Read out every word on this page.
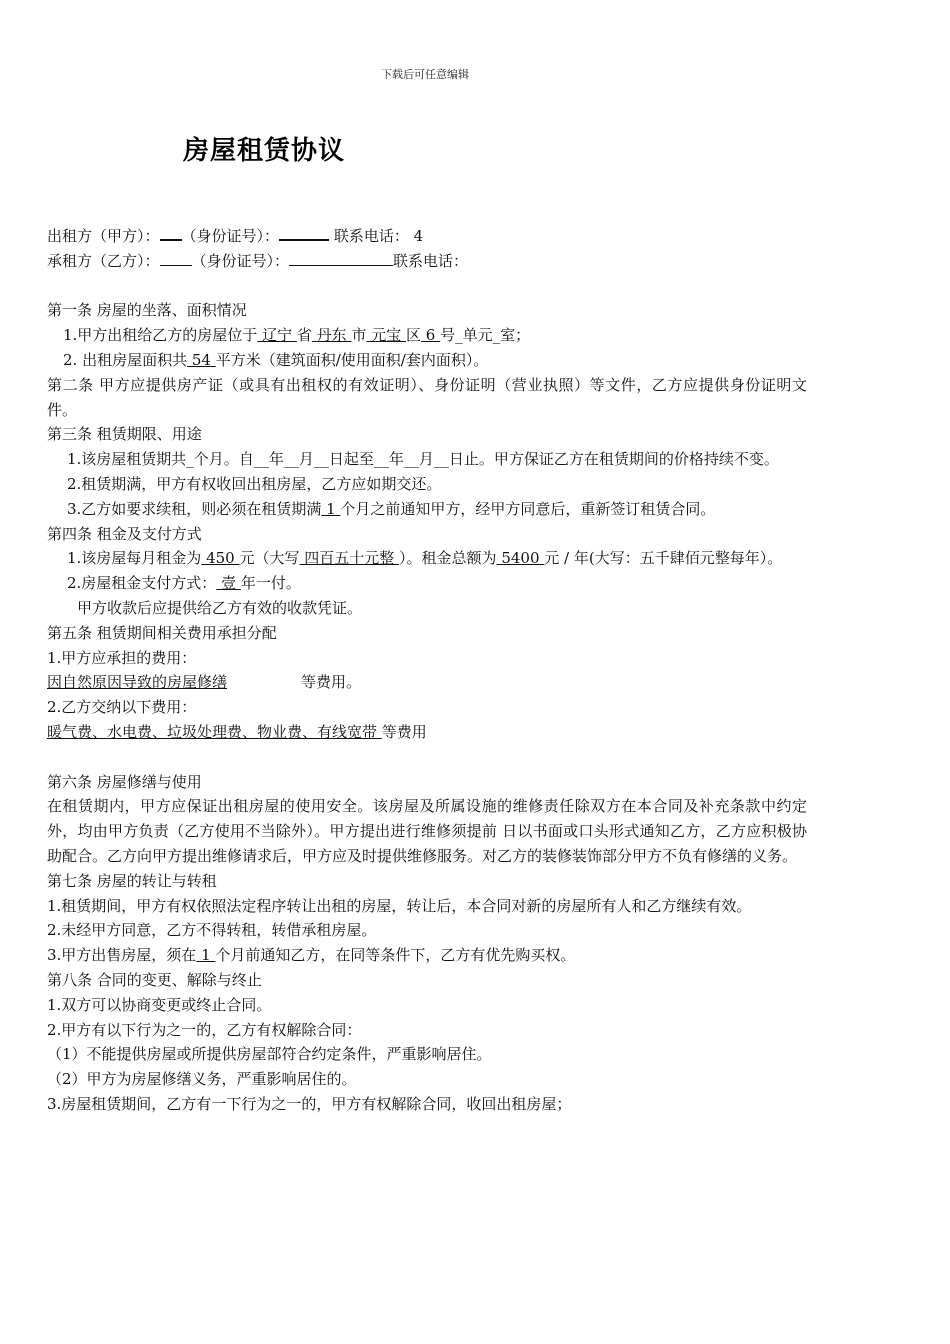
下载后可任意编辑
房屋租赁协议
出租方（甲方）： （身份证号）：	联系电话： 4
承租方（乙方）： （身份证号）：	联系电话：
第一条 房屋的坐落、面积情况
1.甲方出租给乙方的房屋位于 辽宁 省 丹东 市 元宝 区 6 号_单元_室；
2. 出租房屋面积共 54 平方米（建筑面积/使用面积/套内面积）。
第二条 甲方应提供房产证（或具有出租权的有效证明）、身份证明（营业执照）等文件，乙方应提供身份证明文件。
第三条 租赁期限、用途
1.该房屋租赁期共_个月。自__年__月__日起至__年__月__日止。甲方保证乙方在租赁期间的价格持续不变。
2.租赁期满，甲方有权收回出租房屋，乙方应如期交还。
3.乙方如要求续租，则必须在租赁期满 1 个月之前通知甲方，经甲方同意后，重新签订租赁合同。
第四条 租金及支付方式
1.该房屋每月租金为 450 元（大写 四百五十元整 ）。租金总额为 5400 元 / 年(大写：五千肆佰元整每年）。
2.房屋租金支付方式： 壹 年一付。
甲方收款后应提供给乙方有效的收款凭证。
第五条 租赁期间相关费用承担分配
1.甲方应承担的费用：
因自然原因导致的房屋修缮	等费用。
2.乙方交纳以下费用：
暖气费、水电费、垃圾处理费、物业费、有线宽带 等费用
第六条 房屋修缮与使用
在租赁期内，甲方应保证出租房屋的使用安全。该房屋及所属设施的维修责任除双方在本合同及补充条款中约定外，均由甲方负责（乙方使用不当除外）。甲方提出进行维修须提前 日以书面或口头形式通知乙方，乙方应积极协助配合。乙方向甲方提出维修请求后，甲方应及时提供维修服务。对乙方的装修装饰部分甲方不负有修缮的义务。
第七条 房屋的转让与转租
1.租赁期间，甲方有权依照法定程序转让出租的房屋，转让后，本合同对新的房屋所有人和乙方继续有效。
2.未经甲方同意，乙方不得转租，转借承租房屋。
3.甲方出售房屋，须在 1 个月前通知乙方，在同等条件下，乙方有优先购买权。
第八条 合同的变更、解除与终止
1.双方可以协商变更或终止合同。
2.甲方有以下行为之一的，乙方有权解除合同：
（1）不能提供房屋或所提供房屋部符合约定条件，严重影响居住。
（2）甲方为房屋修缮义务，严重影响居住的。
3.房屋租赁期间，乙方有一下行为之一的，甲方有权解除合同，收回出租房屋；
